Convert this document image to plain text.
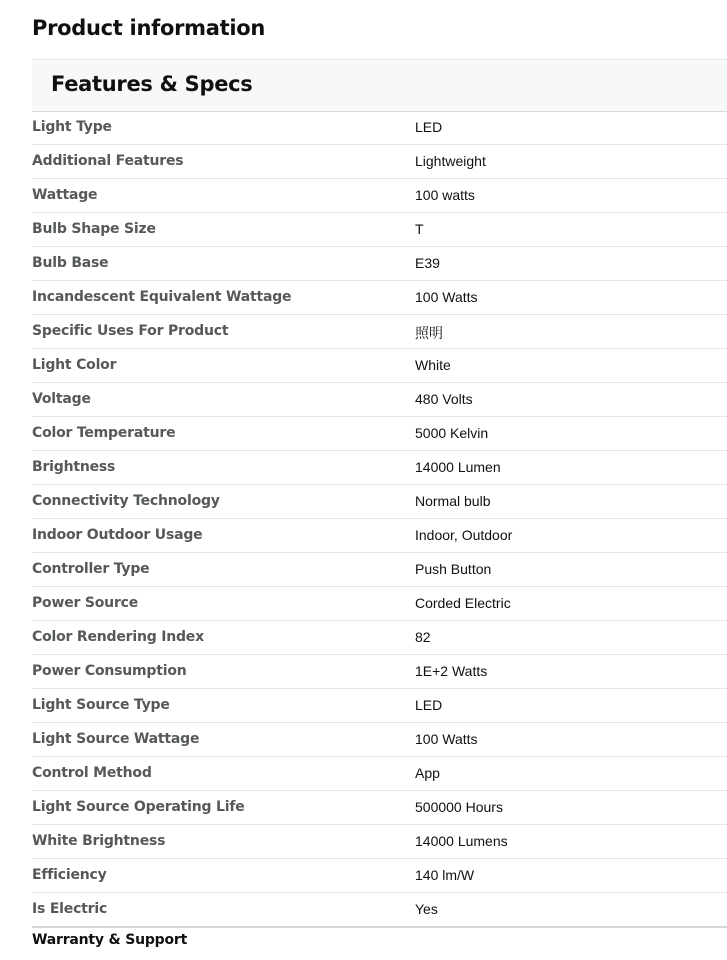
Product information
Features & Specs
Light Type	LED
Additional Features	Lightweight
Wattage	100 watts
Bulb Shape Size	T
Bulb Base	E39
Incandescent Equivalent Wattage	100 Watts
Specific Uses For Product	照明
Light Color	White
Voltage	480 Volts
Color Temperature	5000 Kelvin
Brightness	14000 Lumen
Connectivity Technology	Normal bulb
Indoor Outdoor Usage	Indoor, Outdoor
Controller Type	Push Button
Power Source	Corded Electric
Color Rendering Index	82
Power Consumption	1E+2 Watts
Light Source Type	LED
Light Source Wattage	100 Watts
Control Method	App
Light Source Operating Life	500000 Hours
White Brightness	14000 Lumens
Efficiency	140 lm/W
Is Electric	Yes
Warranty & Support
